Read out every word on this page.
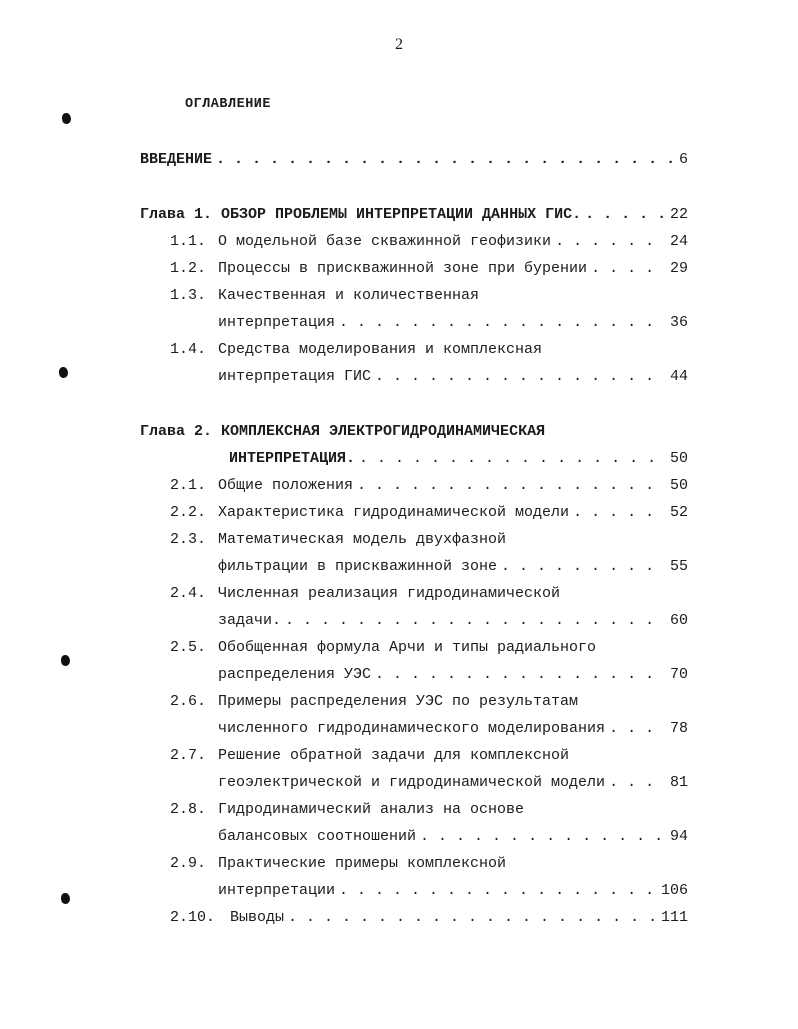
2
ОГЛАВЛЕНИЕ
ВВЕДЕНИЕ . . .	6
Глава 1. ОБЗОР ПРОБЛЕМЫ ИНТЕРПРЕТАЦИИ ДАННЫХ ГИС. . . .	22
1.1. О модельной базе скважинной геофизики . . .	24
1.2. Процессы в прискважинной зоне при бурении . . .	29
1.3. Качественная и количественная
интерпретация . . .	36
1.4. Средства моделирования и комплексная
интерпретация ГИС . . .	44
Глава 2. КОМПЛЕКСНАЯ ЭЛЕКТРОГИДРОДИНАМИЧЕСКАЯ
ИНТЕРПРЕТАЦИЯ. . . .	50
2.1. Общие положения . . .	50
2.2. Характеристика гидродинамической модели . . .	52
2.3. Математическая модель двухфазной
фильтрации в прискважинной зоне . . .	55
2.4. Численная реализация гидродинамической
задачи. . . .	60
2.5. Обобщенная формула Арчи и типы радиального
распределения УЭС . . .	70
2.6. Примеры распределения УЭС по результатам
численного гидродинамического моделирования . . .	78
2.7. Решение обратной задачи для комплексной
геоэлектрической и гидродинамической модели . . .	81
2.8. Гидродинамический анализ на основе
балансовых соотношений . . .	94
2.9. Практические примеры комплексной
интерпретации . . .	106
2.10. Выводы . . .	111
